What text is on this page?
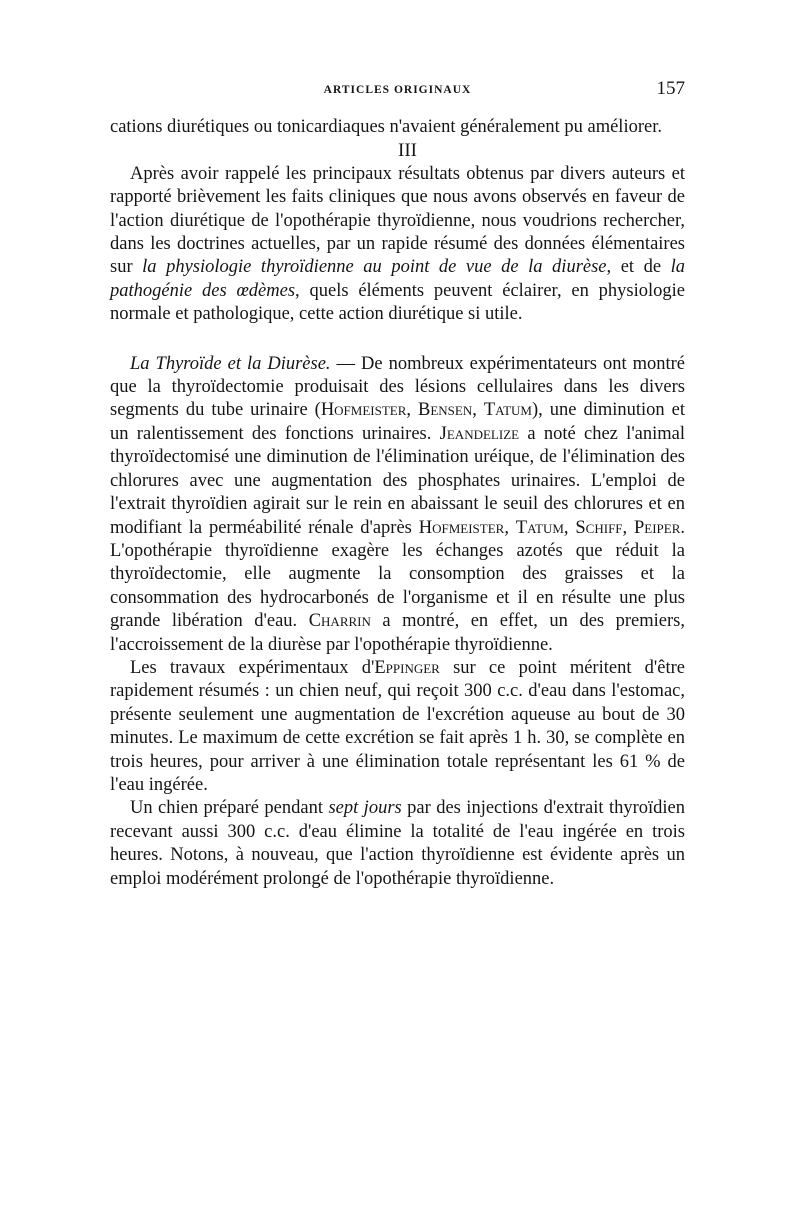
ARTICLES ORIGINAUX	157

cations diurétiques ou tonicardiaques n'avaient généralement pu améliorer.

III

Après avoir rappelé les principaux résultats obtenus par divers auteurs et rapporté brièvement les faits cliniques que nous avons observés en faveur de l'action diurétique de l'opothérapie thyroïdienne, nous voudrions rechercher, dans les doctrines actuelles, par un rapide résumé des données élémentaires sur la physiologie thyroïdienne au point de vue de la diurèse, et de la pathogénie des œdèmes, quels éléments peuvent éclairer, en physiologie normale et pathologique, cette action diurétique si utile.

La Thyroïde et la Diurèse. — De nombreux expérimentateurs ont montré que la thyroïdectomie produisait des lésions cellulaires dans les divers segments du tube urinaire (Hofmeister, Bensen, Tatum), une diminution et un ralentissement des fonctions urinaires. Jeandelize a noté chez l'animal thyroïdectomisé une diminution de l'élimination uréique, de l'élimination des chlorures avec une augmentation des phosphates urinaires. L'emploi de l'extrait thyroïdien agirait sur le rein en abaissant le seuil des chlorures et en modifiant la perméabilité rénale d'après Hofmeister, Tatum, Schiff, Peiper. L'opothérapie thyroïdienne exagère les échanges azotés que réduit la thyroïdectomie, elle augmente la consomption des graisses et la consommation des hydrocarbonés de l'organisme et il en résulte une plus grande libération d'eau. Charrin a montré, en effet, un des premiers, l'accroissement de la diurèse par l'opothérapie thyroïdienne.

Les travaux expérimentaux d'Eppinger sur ce point méritent d'être rapidement résumés : un chien neuf, qui reçoit 300 c.c. d'eau dans l'estomac, présente seulement une augmentation de l'excrétion aqueuse au bout de 30 minutes. Le maximum de cette excrétion se fait après 1 h. 30, se complète en trois heures, pour arriver à une élimination totale représentant les 61 % de l'eau ingérée.

Un chien préparé pendant sept jours par des injections d'extrait thyroïdien recevant aussi 300 c.c. d'eau élimine la totalité de l'eau ingérée en trois heures. Notons, à nouveau, que l'action thyroïdienne est évidente après un emploi modérément prolongé de l'opothérapie thyroïdienne.
